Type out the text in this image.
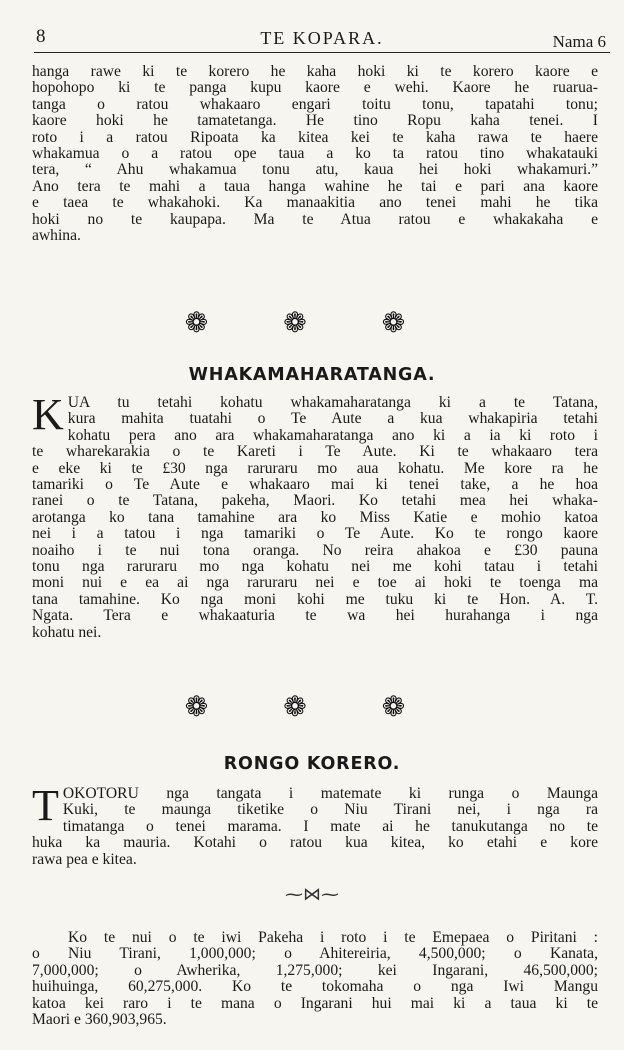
8	TE KOPARA.	Nama 6
hanga rawe ki te korero he kaha hoki ki te korero kaore e
hopohopo ki te panga kupu kaore e wehi. Kaore he ruarua-
tanga o ratou whakaaro engari toitu tonu, tapatahi tonu;
kaore hoki he tamatetanga. He tino Ropu kaha tenei. I
roto i a ratou Ripoata ka kitea kei te kaha rawa te haere
whakamua o a ratou ope taua a ko ta ratou tino whakatauki
tera, “ Ahu whakamua tonu atu, kaua hei hoki whakamuri.”
Ano tera te mahi a taua hanga wahine he tai e pari ana kaore
e taea te whakahoki. Ka manaakitia ano tenei mahi he tika
hoki no te kaupapa. Ma te Atua ratou e whakakaha e
awhina.
❁ ❁ ❁
WHAKAMAHARATANGA.
K UA tu tetahi kohatu whakamaharatanga ki a te Tatana,
kura mahita tuatahi o Te Aute a kua whakapiria tetahi
kohatu pera ano ara whakamaharatanga ano ki a ia ki roto i
te wharekarakia o te Kareti i Te Aute. Ki te whakaaro tera
e eke ki te £30 nga raruraru mo aua kohatu. Me kore ra he
tamariki o Te Aute e whakaaro mai ki tenei take, a he hoa
ranei o te Tatana, pakeha, Maori. Ko tetahi mea hei whaka-
arotanga ko tana tamahine ara ko Miss Katie e mohio katoa
nei i a tatou i nga tamariki o Te Aute. Ko te rongo kaore
noaiho i te nui tona oranga. No reira ahakoa e £30 pauna
tonu nga raruraru mo nga kohatu nei me kohi tatau i tetahi
moni nui e ea ai nga raruraru nei e toe ai hoki te toenga ma
tana tamahine. Ko nga moni kohi me tuku ki te Hon. A. T.
Ngata. Tera e whakaaturia te wa hei hurahanga i nga
kohatu nei.
❁ ❁ ❁
RONGO KORERO.
T OKOTORU nga tangata i matemate ki runga o Maunga
Kuki, te maunga tiketike o Niu Tirani nei, i nga ra
timatanga o tenei marama. I mate ai he tanukutanga no te
huka ka mauria. Kotahi o ratou kua kitea, ko etahi e kore
rawa pea e kitea.
⁓⋈⁓
Ko te nui o te iwi Pakeha i roto i te Emepaea o Piritani :
o Niu Tirani, 1,000,000; o Ahitereiria, 4,500,000; o Kanata,
7,000,000; o Awherika, 1,275,000; kei Ingarani, 46,500,000;
huihuinga, 60,275,000. Ko te tokomaha o nga Iwi Mangu
katoa kei raro i te mana o Ingarani hui mai ki a taua ki te
Maori e 360,903,965.
